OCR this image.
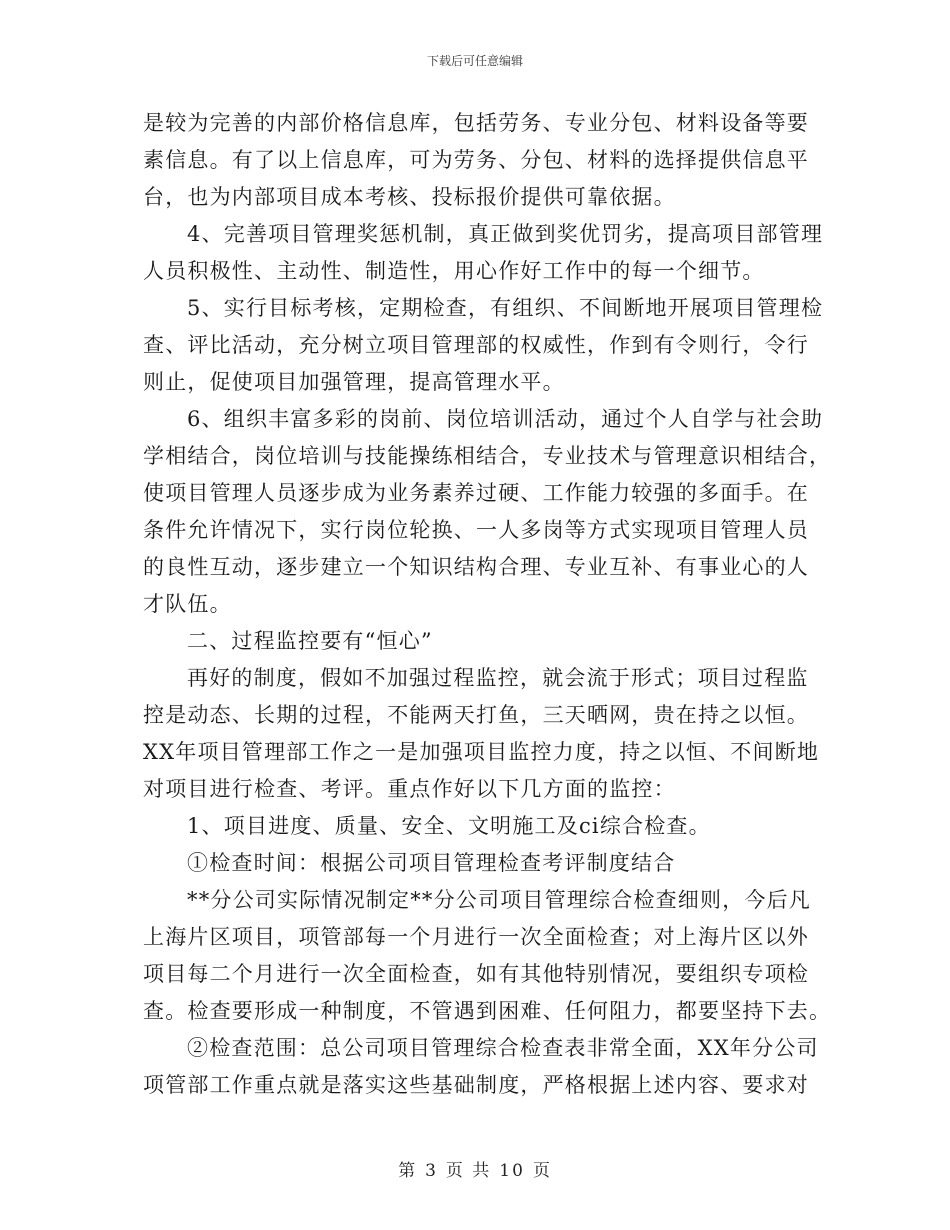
下载后可任意编辑
是较为完善的内部价格信息库，包括劳务、专业分包、材料设备等要
素信息。有了以上信息库，可为劳务、分包、材料的选择提供信息平
台，也为内部项目成本考核、投标报价提供可靠依据。
4、完善项目管理奖惩机制，真正做到奖优罚劣，提高项目部管理
人员积极性、主动性、制造性，用心作好工作中的每一个细节。
5、实行目标考核，定期检查，有组织、不间断地开展项目管理检
查、评比活动，充分树立项目管理部的权威性，作到有令则行，令行
则止，促使项目加强管理，提高管理水平。
6、组织丰富多彩的岗前、岗位培训活动，通过个人自学与社会助
学相结合，岗位培训与技能操练相结合，专业技术与管理意识相结合，
使项目管理人员逐步成为业务素养过硬、工作能力较强的多面手。在
条件允许情况下，实行岗位轮换、一人多岗等方式实现项目管理人员
的良性互动，逐步建立一个知识结构合理、专业互补、有事业心的人
才队伍。
二、过程监控要有“恒心”
再好的制度，假如不加强过程监控，就会流于形式；项目过程监
控是动态、长期的过程，不能两天打鱼，三天晒网，贵在持之以恒。
XX年项目管理部工作之一是加强项目监控力度，持之以恒、不间断地
对项目进行检查、考评。重点作好以下几方面的监控：
1、项目进度、质量、安全、文明施工及ci综合检查。
①检查时间：根据公司项目管理检查考评制度结合
**分公司实际情况制定**分公司项目管理综合检查细则，今后凡
上海片区项目，项管部每一个月进行一次全面检查；对上海片区以外
项目每二个月进行一次全面检查，如有其他特别情况，要组织专项检
查。检查要形成一种制度，不管遇到困难、任何阻力，都要坚持下去。
②检查范围：总公司项目管理综合检查表非常全面，XX年分公司
项管部工作重点就是落实这些基础制度，严格根据上述内容、要求对
第 3 页 共 10 页
